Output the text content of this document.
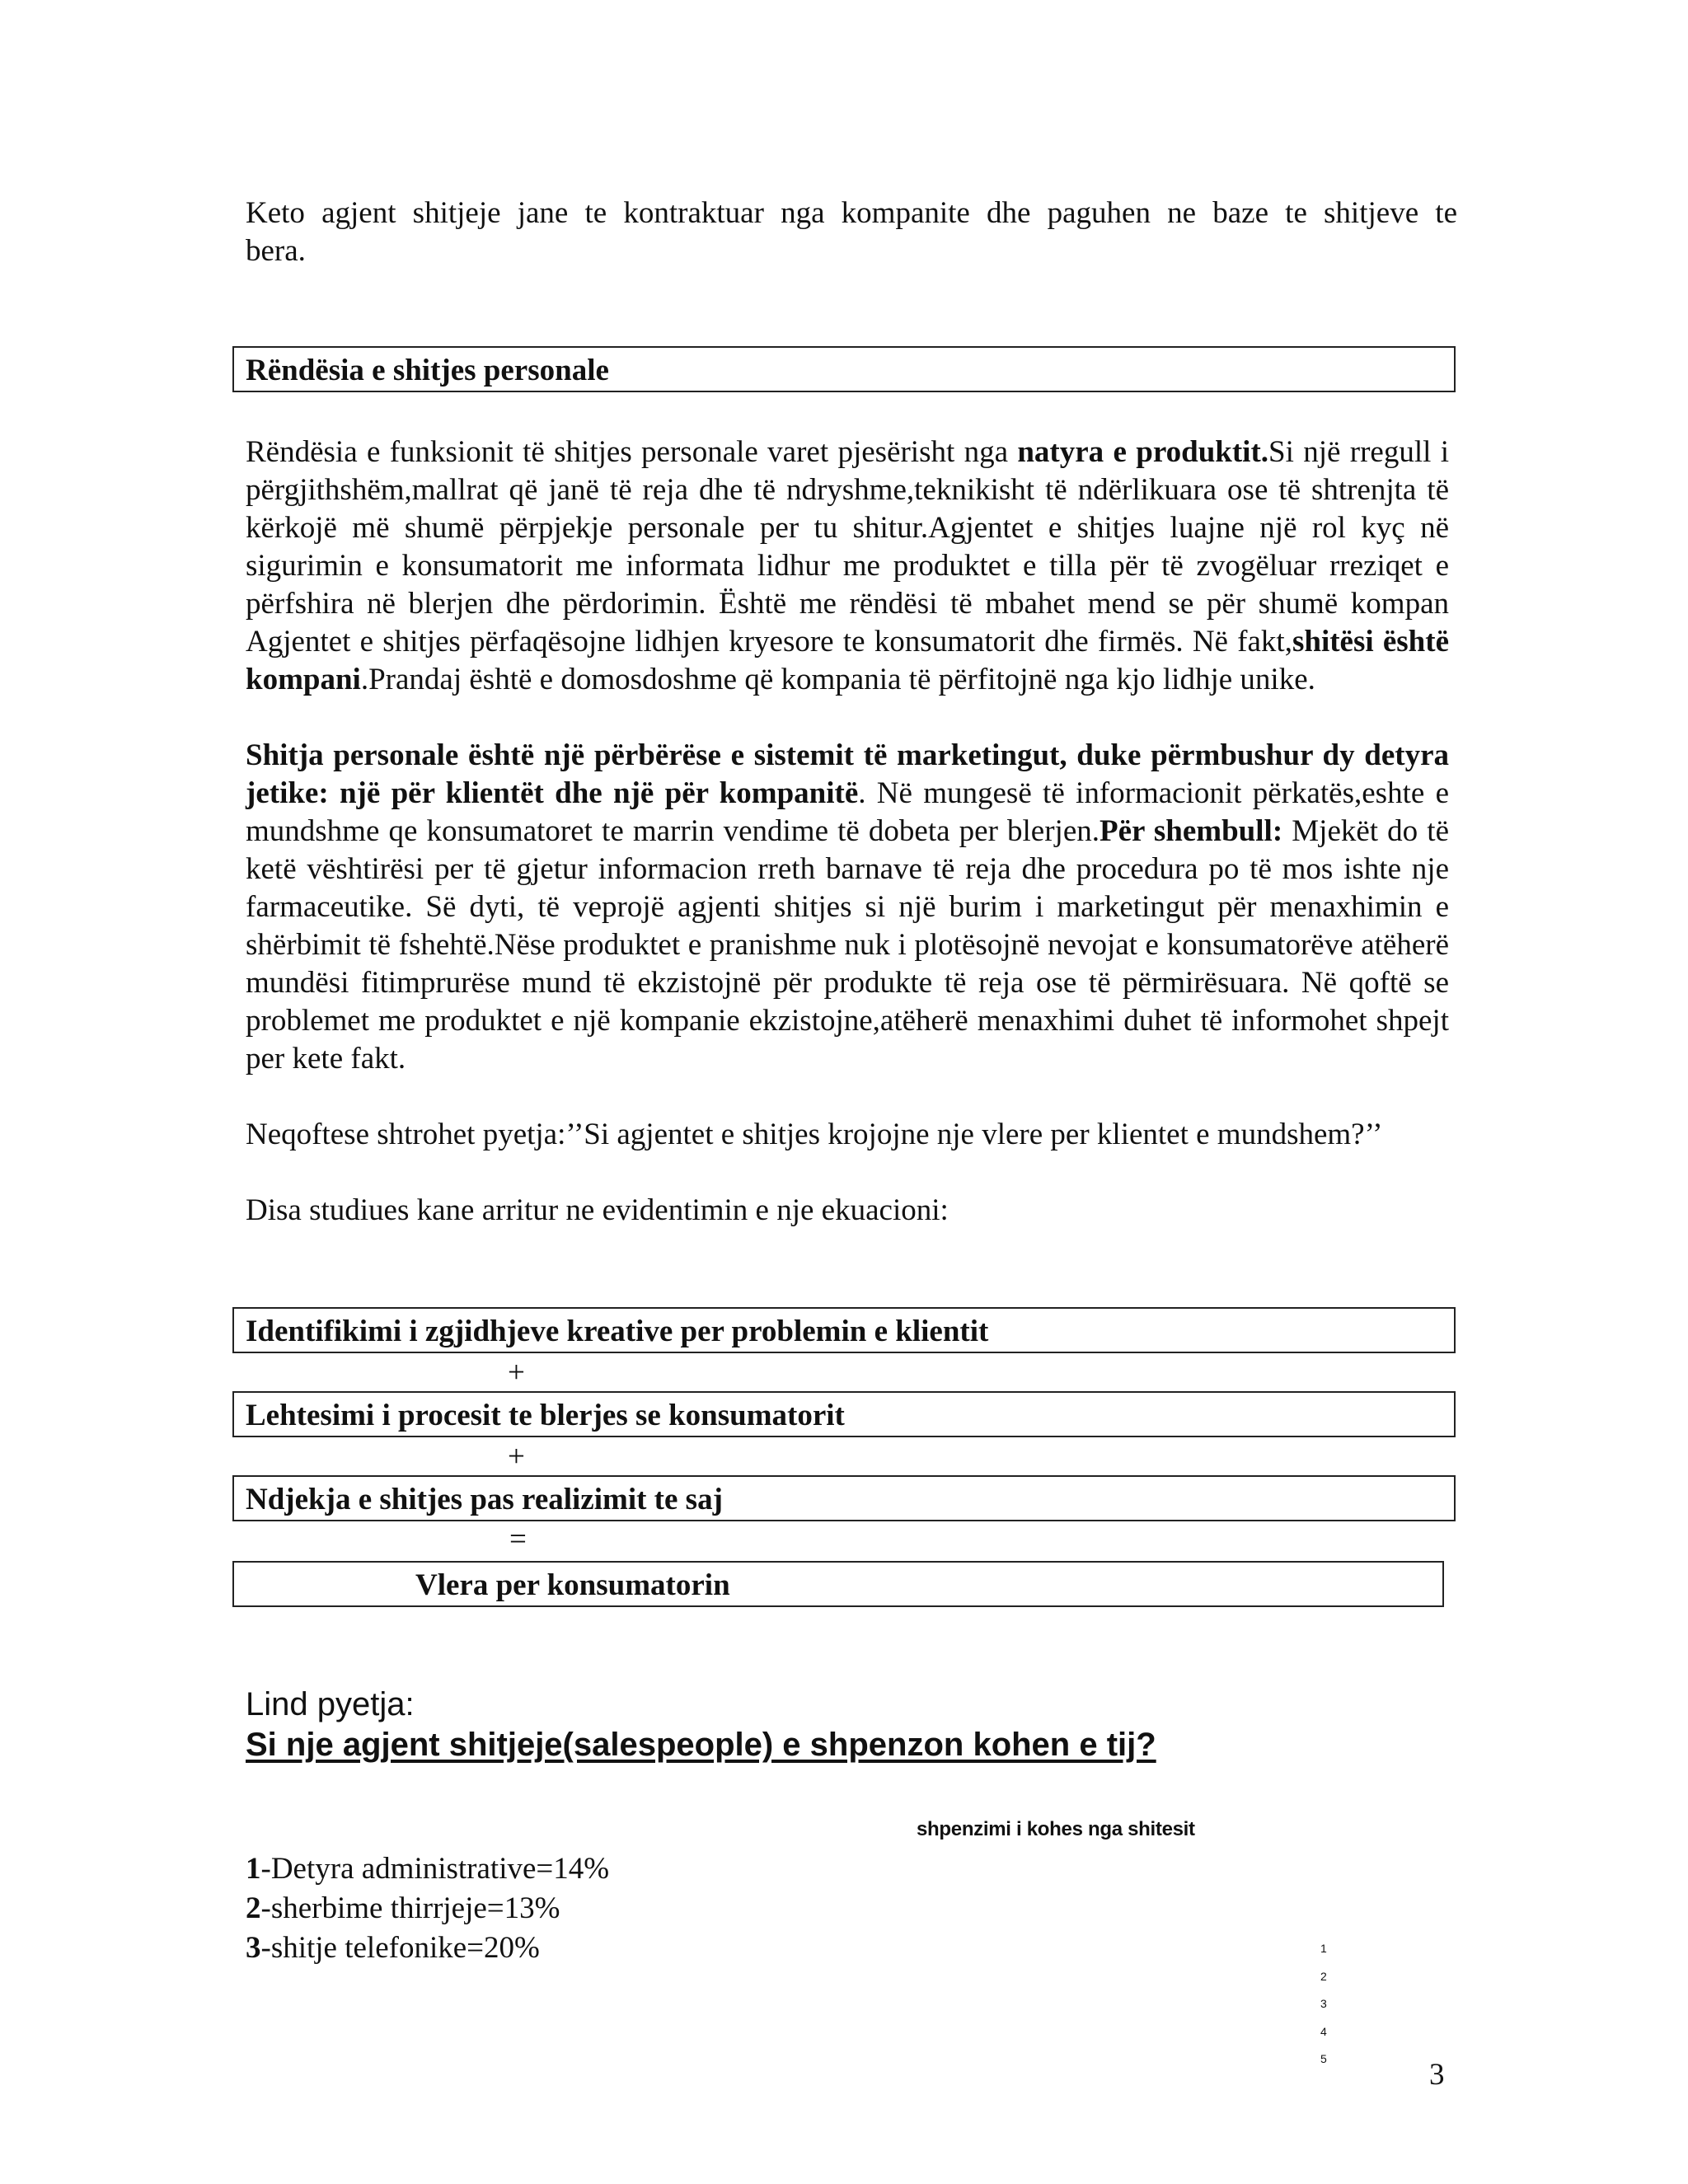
Keto agjent shitjeje jane te kontraktuar nga kompanite dhe paguhen ne baze te shitjeve te
bera.
Rëndësia e shitjes personale
Rëndësia e funksionit të shitjes personale varet pjesërisht nga natyra e produktit.Si një rregull i përgjithshëm,mallrat që janë të reja dhe të ndryshme,teknikisht të ndërlikuara ose të shtrenjta të kërkojë më shumë përpjekje personale per tu shitur.Agjentet e shitjes luajne një rol kyç në sigurimin e konsumatorit me informata lidhur me produktet e tilla për të zvogëluar rreziqet e përfshira në blerjen dhe përdorimin. Është me rëndësi të mbahet mend se për shumë kompan Agjentet e shitjes përfaqësojne lidhjen kryesore te konsumatorit dhe firmës. Në fakt,shitësi është kompani.Prandaj është e domosdoshme që kompania të përfitojnë nga kjo lidhje unike.
Shitja personale është një përbërëse e sistemit të marketingut, duke përmbushur dy detyra jetike: një për klientët dhe një për kompanitë. Në mungesë të informacionit përkatës,eshte e mundshme qe konsumatoret te marrin vendime të dobeta per blerjen.Për shembull: Mjekët do të ketë vështirësi per të gjetur informacion rreth barnave të reja dhe procedura po të mos ishte nje farmaceutike. Së dyti, të veprojë agjenti shitjes si një burim i marketingut për menaxhimin e shërbimit të fshehtë.Nëse produktet e pranishme nuk i plotësojnë nevojat e konsumatorëve atëherë mundësi fitimprurëse mund të ekzistojnë për produkte të reja ose të përmirësuara. Në qoftë se problemet me produktet e një kompanie ekzistojne,atëherë menaxhimi duhet të informohet shpejt per kete fakt.
Neqoftese shtrohet pyetja:’’Si agjentet e shitjes krojojne nje vlere per klientet e mundshem?’’
Disa studiues kane arritur ne evidentimin e nje ekuacioni:
Identifikimi i zgjidhjeve kreative per problemin e klientit
+
Lehtesimi i procesit te blerjes se konsumatorit
+
Ndjekja e shitjes pas realizimit te saj
=
Vlera per konsumatorin
Lind pyetja:
Si nje agjent shitjeje(salespeople) e shpenzon kohen e tij?
shpenzimi i kohes nga shitesit
1
2
3
4
5
1-Detyra administrative=14%
2-sherbime thirrjeje=13%
3-shitje telefonike=20%
3
